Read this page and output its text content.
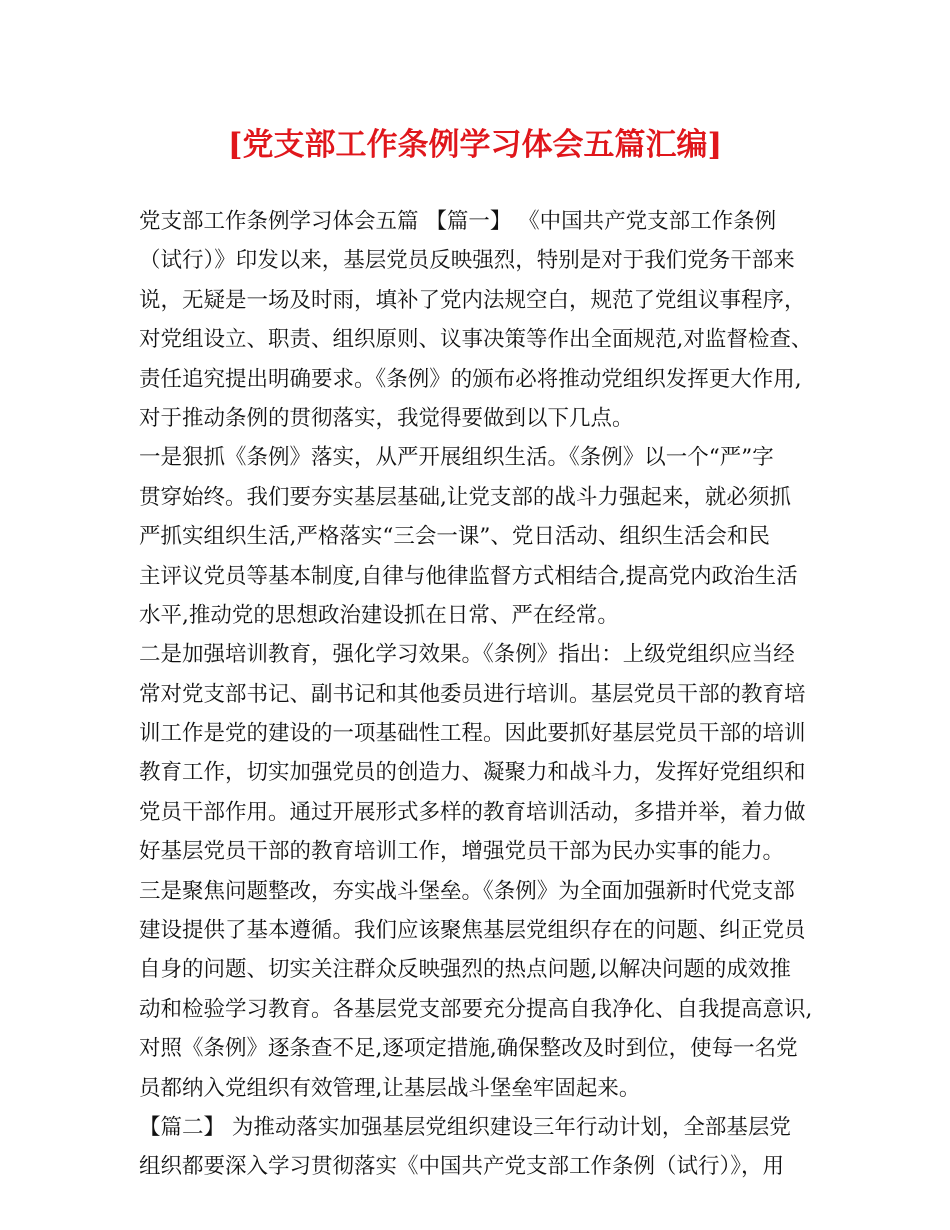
[党支部工作条例学习体会五篇汇编]
党支部工作条例学习体会五篇 【篇一】 《中国共产党支部工作条例
（试行）》印发以来，基层党员反映强烈，特别是对于我们党务干部来
说，无疑是一场及时雨，填补了党内法规空白，规范了党组议事程序，
对党组设立、职责、组织原则、议事决策等作出全面规范,对监督检查、
责任追究提出明确要求。《条例》的颁布必将推动党组织发挥更大作用,
对于推动条例的贯彻落实，我觉得要做到以下几点。
一是狠抓《条例》落实，从严开展组织生活。《条例》以一个“严”字
贯穿始终。我们要夯实基层基础,让党支部的战斗力强起来，就必须抓
严抓实组织生活,严格落实“三会一课”、党日活动、组织生活会和民
主评议党员等基本制度,自律与他律监督方式相结合,提高党内政治生活
水平,推动党的思想政治建设抓在日常、严在经常。
二是加强培训教育，强化学习效果。《条例》指出：上级党组织应当经
常对党支部书记、副书记和其他委员进行培训。基层党员干部的教育培
训工作是党的建设的一项基础性工程。因此要抓好基层党员干部的培训
教育工作，切实加强党员的创造力、凝聚力和战斗力，发挥好党组织和
党员干部作用。通过开展形式多样的教育培训活动，多措并举，着力做
好基层党员干部的教育培训工作，增强党员干部为民办实事的能力。
三是聚焦问题整改，夯实战斗堡垒。《条例》为全面加强新时代党支部
建设提供了基本遵循。我们应该聚焦基层党组织存在的问题、纠正党员
自身的问题、切实关注群众反映强烈的热点问题,以解决问题的成效推
动和检验学习教育。各基层党支部要充分提高自我净化、自我提高意识,
对照《条例》逐条查不足,逐项定措施,确保整改及时到位，使每一名党
员都纳入党组织有效管理,让基层战斗堡垒牢固起来。
【篇二】 为推动落实加强基层党组织建设三年行动计划，全部基层党
组织都要深入学习贯彻落实《中国共产党支部工作条例（试行）》，用
